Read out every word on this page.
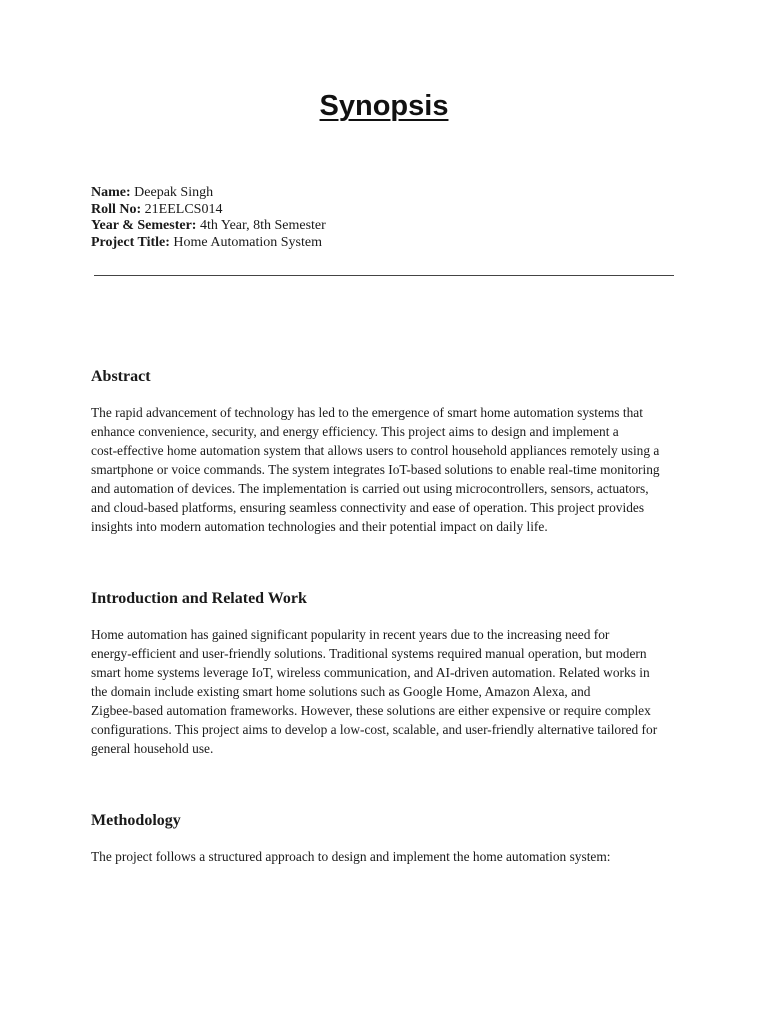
Synopsis
Name: Deepak Singh
Roll No: 21EELCS014
Year & Semester: 4th Year, 8th Semester
Project Title: Home Automation System
Abstract
The rapid advancement of technology has led to the emergence of smart home automation systems that
enhance convenience, security, and energy efficiency. This project aims to design and implement a
cost-effective home automation system that allows users to control household appliances remotely using a
smartphone or voice commands. The system integrates IoT-based solutions to enable real-time monitoring
and automation of devices. The implementation is carried out using microcontrollers, sensors, actuators,
and cloud-based platforms, ensuring seamless connectivity and ease of operation. This project provides
insights into modern automation technologies and their potential impact on daily life.
Introduction and Related Work
Home automation has gained significant popularity in recent years due to the increasing need for
energy-efficient and user-friendly solutions. Traditional systems required manual operation, but modern
smart home systems leverage IoT, wireless communication, and AI-driven automation. Related works in
the domain include existing smart home solutions such as Google Home, Amazon Alexa, and
Zigbee-based automation frameworks. However, these solutions are either expensive or require complex
configurations. This project aims to develop a low-cost, scalable, and user-friendly alternative tailored for
general household use.
Methodology
The project follows a structured approach to design and implement the home automation system:
